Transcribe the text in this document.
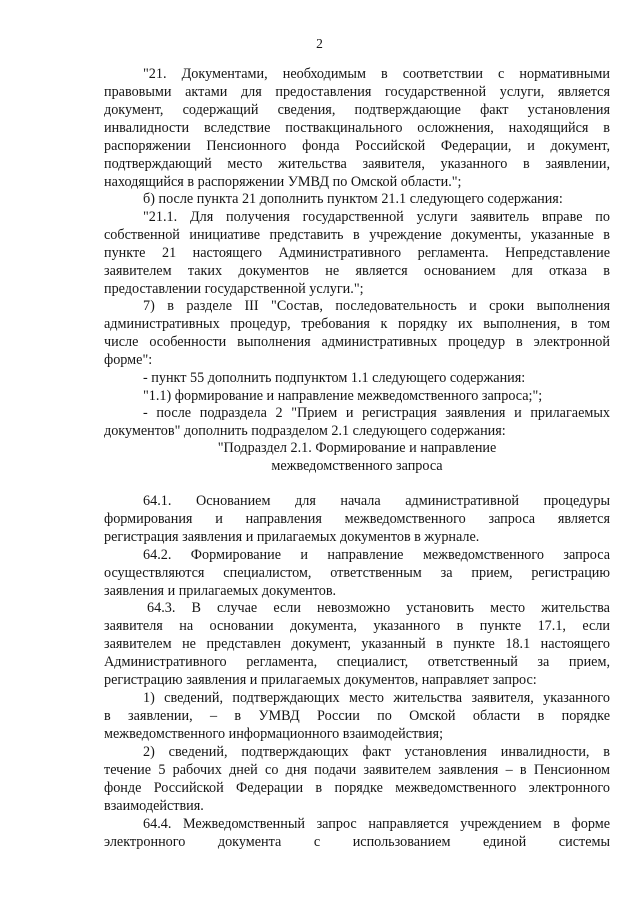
2
"21. Документами, необходимым в соответствии с нормативными
правовыми актами для предоставления государственной услуги, является
документ, содержащий сведения, подтверждающие факт установления
инвалидности вследствие поствакцинального осложнения, находящийся в
распоряжении Пенсионного фонда Российской Федерации, и документ,
подтверждающий место жительства заявителя, указанного в заявлении,
находящийся в распоряжении УМВД по Омской области.";
б) после пункта 21 дополнить пунктом 21.1 следующего содержания:
"21.1. Для получения государственной услуги заявитель вправе по
собственной инициативе представить в учреждение документы, указанные в
пункте 21 настоящего Административного регламента. Непредставление
заявителем таких документов не является основанием для отказа в
предоставлении государственной услуги.";
7) в разделе III "Состав, последовательность и сроки выполнения
административных процедур, требования к порядку их выполнения, в том
числе особенности выполнения административных процедур в электронной
форме":
- пункт 55 дополнить подпунктом 1.1 следующего содержания:
"1.1) формирование и направление межведомственного запроса;";
- после подраздела 2 "Прием и регистрация заявления и прилагаемых
документов" дополнить подразделом 2.1 следующего содержания:
"Подраздел 2.1. Формирование и направление
межведомственного запроса
64.1. Основанием для начала административной процедуры
формирования и направления межведомственного запроса является
регистрация заявления и прилагаемых документов в журнале.
64.2. Формирование и направление межведомственного запроса
осуществляются специалистом, ответственным за прием, регистрацию
заявления и прилагаемых документов.
64.3. В случае если невозможно установить место жительства
заявителя на основании документа, указанного в пункте 17.1, если
заявителем не представлен документ, указанный в пункте 18.1 настоящего
Административного регламента, специалист, ответственный за прием,
регистрацию заявления и прилагаемых документов, направляет запрос:
1) сведений, подтверждающих место жительства заявителя, указанного
в заявлении, – в УМВД России по Омской области в порядке
межведомственного информационного взаимодействия;
2) сведений, подтверждающих факт установления инвалидности, в
течение 5 рабочих дней со дня подачи заявителем заявления – в Пенсионном
фонде Российской Федерации в порядке межведомственного электронного
взаимодействия.
64.4. Межведомственный запрос направляется учреждением в форме
электронного документа с использованием единой системы
